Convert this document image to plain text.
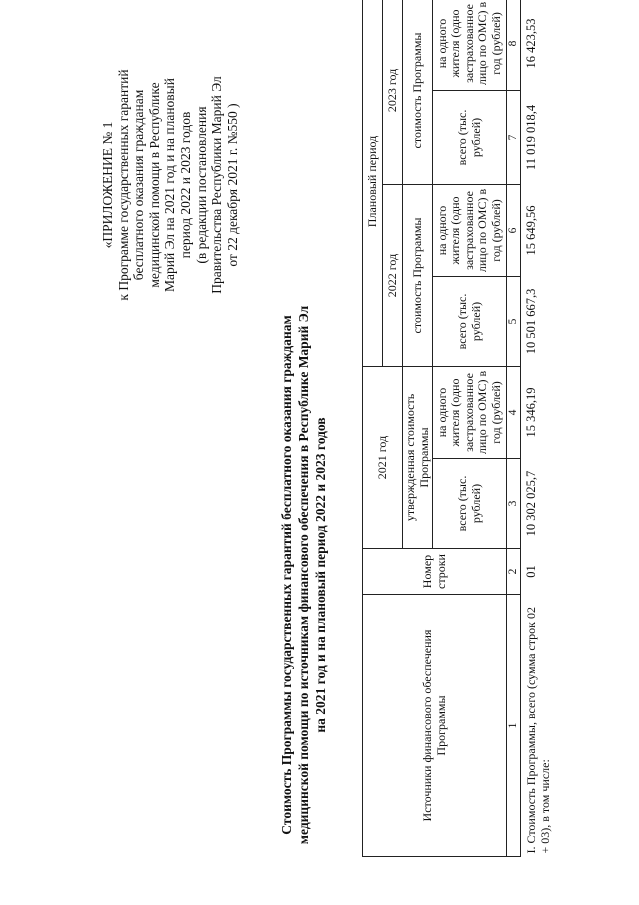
«ПРИЛОЖЕНИЕ № 1 к Программе государственных гарантий бесплатного оказания гражданам медицинской помощи в Республике Марий Эл на 2021 год и на плановый период 2022 и 2023 годов (в редакции постановления Правительства Республики Марий Эл от 22 декабря 2021 г. №550 )
Стоимость Программы государственных гарантий бесплатного оказания гражданам медицинской помощи по источникам финансового обеспечения в Республике Марий Эл на 2021 год и на плановый период 2022 и 2023 годов	Источники финансового обеспечения Программы	Номер строки	2021 год		Плановый период			
				2022 год		2023 год	
		утвержденная стоимость Программы		стоимость Программы		стоимость Программы	
		всего (тыс. рублей)	на одного жителя (одно застрахованное лицо по ОМС) в год (рублей)	всего (тыс. рублей)	на одного жителя (одно застрахованное лицо по ОМС) в год (рублей)	всего (тыс. рублей)	на одного жителя (одно застрахованное лицо по ОМС) в год (рублей)
1	2	3	4	5	6	7	8
I. Стоимость Программы, всего (сумма строк 02 + 03), в том числе:	01	10 302 025,7	15 346,19	10 501 667,3	15 649,56	11 019 018,4	16 423,53
